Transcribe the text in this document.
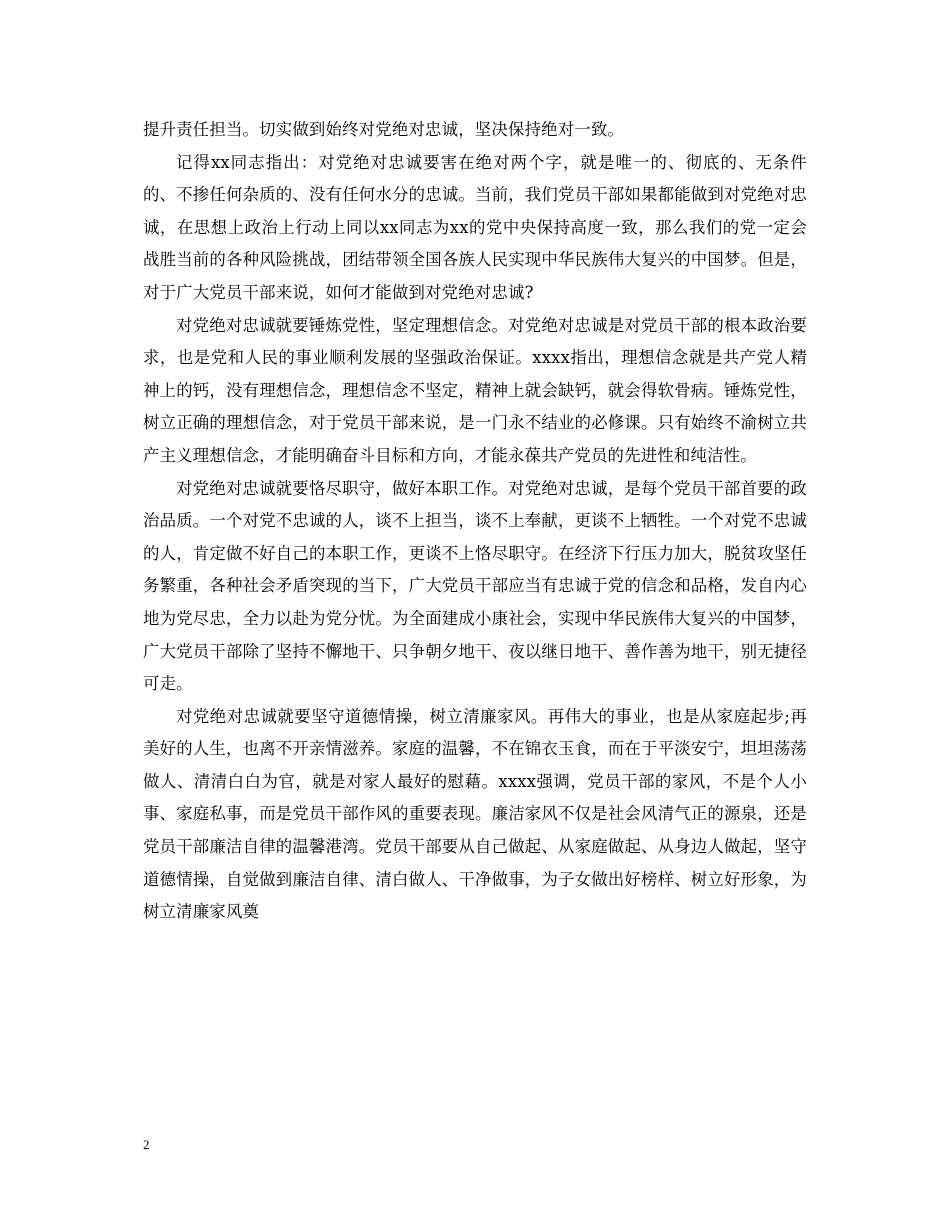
提升责任担当。切实做到始终对党绝对忠诚，坚决保持绝对一致。

记得xx同志指出：对党绝对忠诚要害在绝对两个字，就是唯一的、彻底的、无条件的、不掺任何杂质的、没有任何水分的忠诚。当前，我们党员干部如果都能做到对党绝对忠诚，在思想上政治上行动上同以xx同志为xx的党中央保持高度一致，那么我们的党一定会战胜当前的各种风险挑战，团结带领全国各族人民实现中华民族伟大复兴的中国梦。但是，对于广大党员干部来说，如何才能做到对党绝对忠诚?

对党绝对忠诚就要锤炼党性，坚定理想信念。对党绝对忠诚是对党员干部的根本政治要求，也是党和人民的事业顺利发展的坚强政治保证。xxxx指出，理想信念就是共产党人精神上的钙，没有理想信念，理想信念不坚定，精神上就会缺钙，就会得软骨病。锤炼党性，树立正确的理想信念，对于党员干部来说，是一门永不结业的必修课。只有始终不渝树立共产主义理想信念，才能明确奋斗目标和方向，才能永葆共产党员的先进性和纯洁性。

对党绝对忠诚就要恪尽职守，做好本职工作。对党绝对忠诚，是每个党员干部首要的政治品质。一个对党不忠诚的人，谈不上担当，谈不上奉献，更谈不上牺牲。一个对党不忠诚的人，肯定做不好自己的本职工作，更谈不上恪尽职守。在经济下行压力加大，脱贫攻坚任务繁重，各种社会矛盾突现的当下，广大党员干部应当有忠诚于党的信念和品格，发自内心地为党尽忠，全力以赴为党分忧。为全面建成小康社会，实现中华民族伟大复兴的中国梦，广大党员干部除了坚持不懈地干、只争朝夕地干、夜以继日地干、善作善为地干，别无捷径可走。

对党绝对忠诚就要坚守道德情操，树立清廉家风。再伟大的事业，也是从家庭起步;再美好的人生，也离不开亲情滋养。家庭的温馨，不在锦衣玉食，而在于平淡安宁，坦坦荡荡做人、清清白白为官，就是对家人最好的慰藉。xxxx强调，党员干部的家风，不是个人小事、家庭私事，而是党员干部作风的重要表现。廉洁家风不仅是社会风清气正的源泉，还是党员干部廉洁自律的温馨港湾。党员干部要从自己做起、从家庭做起、从身边人做起，坚守道德情操，自觉做到廉洁自律、清白做人、干净做事，为子女做出好榜样、树立好形象，为树立清廉家风奠

2
